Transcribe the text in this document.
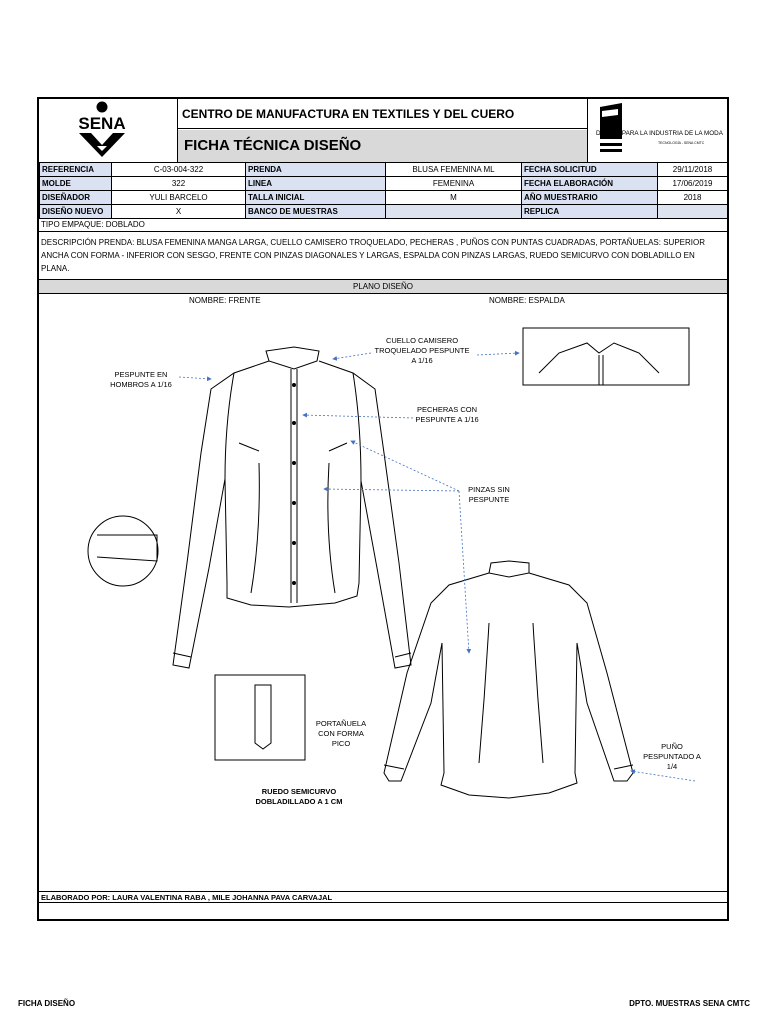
SENA	CENTRO DE MANUFACTURA EN TEXTILES Y DEL CUERO
FICHA TÉCNICA DISEÑO
DISEÑO PARA LA INDUSTRIA DE LA MODA
TECNOLOGÍA - SENA CMTC
REFERENCIA	C-03-004-322	PRENDA	BLUSA FEMENINA ML	FECHA SOLICITUD	29/11/2018
MOLDE	322	LINEA	FEMENINA	FECHA ELABORACIÓN	17/06/2019
DISEÑADOR	YULI BARCELO	TALLA INICIAL	M	AÑO MUESTRARIO	2018
DISEÑO NUEVO	X	BANCO DE MUESTRAS		REPLICA	
TIPO EMPAQUE: DOBLADO
DESCRIPCIÓN PRENDA: BLUSA FEMENINA MANGA LARGA, CUELLO CAMISERO TROQUELADO, PECHERAS , PUÑOS CON PUNTAS CUADRADAS, PORTAÑUELAS: SUPERIOR ANCHA CON FORMA - INFERIOR CON SESGO, FRENTE CON PINZAS DIAGONALES Y LARGAS, ESPALDA CON PINZAS LARGAS, RUEDO SEMICURVO CON DOBLADILLO EN PLANA.
PLANO DISEÑO
NOMBRE: FRENTE	NOMBRE: ESPALDA
PESPUNTE EN HOMBROS A 1/16
CUELLO CAMISERO TROQUELADO PESPUNTE A 1/16
PECHERAS CON PESPUNTE A 1/16
PINZAS SIN PESPUNTE
PORTAÑUELA CON FORMA PICO	PUÑO PESPUNTADO A 1/4
RUEDO SEMICURVO DOBLADILLADO A 1 CM
ELABORADO POR: LAURA VALENTINA RABA , MILE JOHANNA PAVA CARVAJAL
FICHA DISEÑO	DPTO. MUESTRAS SENA CMTC
